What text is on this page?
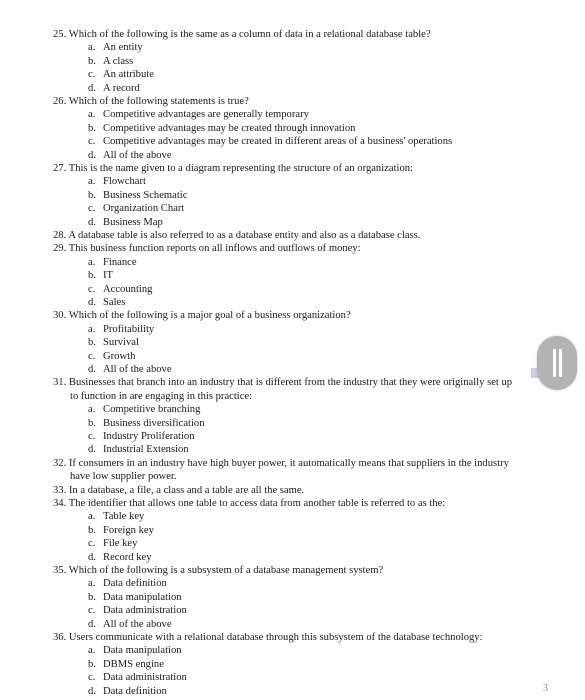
25. Which of the following is the same as a column of data in a relational database table?
a. An entity
b. A class
c. An attribute
d. A record
26. Which of the following statements is true?
a. Competitive advantages are generally temporary
b. Competitive advantages may be created through innovation
c. Competitive advantages may be created in different areas of a business' operations
d. All of the above
27. This is the name given to a diagram representing the structure of an organization:
a. Flowchart
b. Business Schematic
c. Organization Chart
d. Business Map
28. A database table is also referred to as a database entity and also as a database class.
29. This business function reports on all inflows and outflows of money:
a. Finance
b. IT
c. Accounting
d. Sales
30. Which of the following is a major goal of a business organization?
a. Profitability
b. Survival
c. Growth
d. All of the above
31. Businesses that branch into an industry that is different from the industry that they were originally set up
to function in are engaging in this practice:
a. Competitive branching
b. Business diversification
c. Industry Proliferation
d. Industrial Extension
32. If consumers in an industry have high buyer power, it automatically means that suppliers in the industry
have low supplier power.
33. In a database, a file, a class and a table are all the same.
34. The identifier that allows one table to access data from another table is referred to as the:
a. Table key
b. Foreign key
c. File key
d. Record key
35. Which of the following is a subsystem of a database management system?
a. Data definition
b. Data manipulation
c. Data administration
d. All of the above
36. Users communicate with a relational database through this subsystem of the database technology:
a. Data manipulation
b. DBMS engine
c. Data administration
d. Data definition	3
